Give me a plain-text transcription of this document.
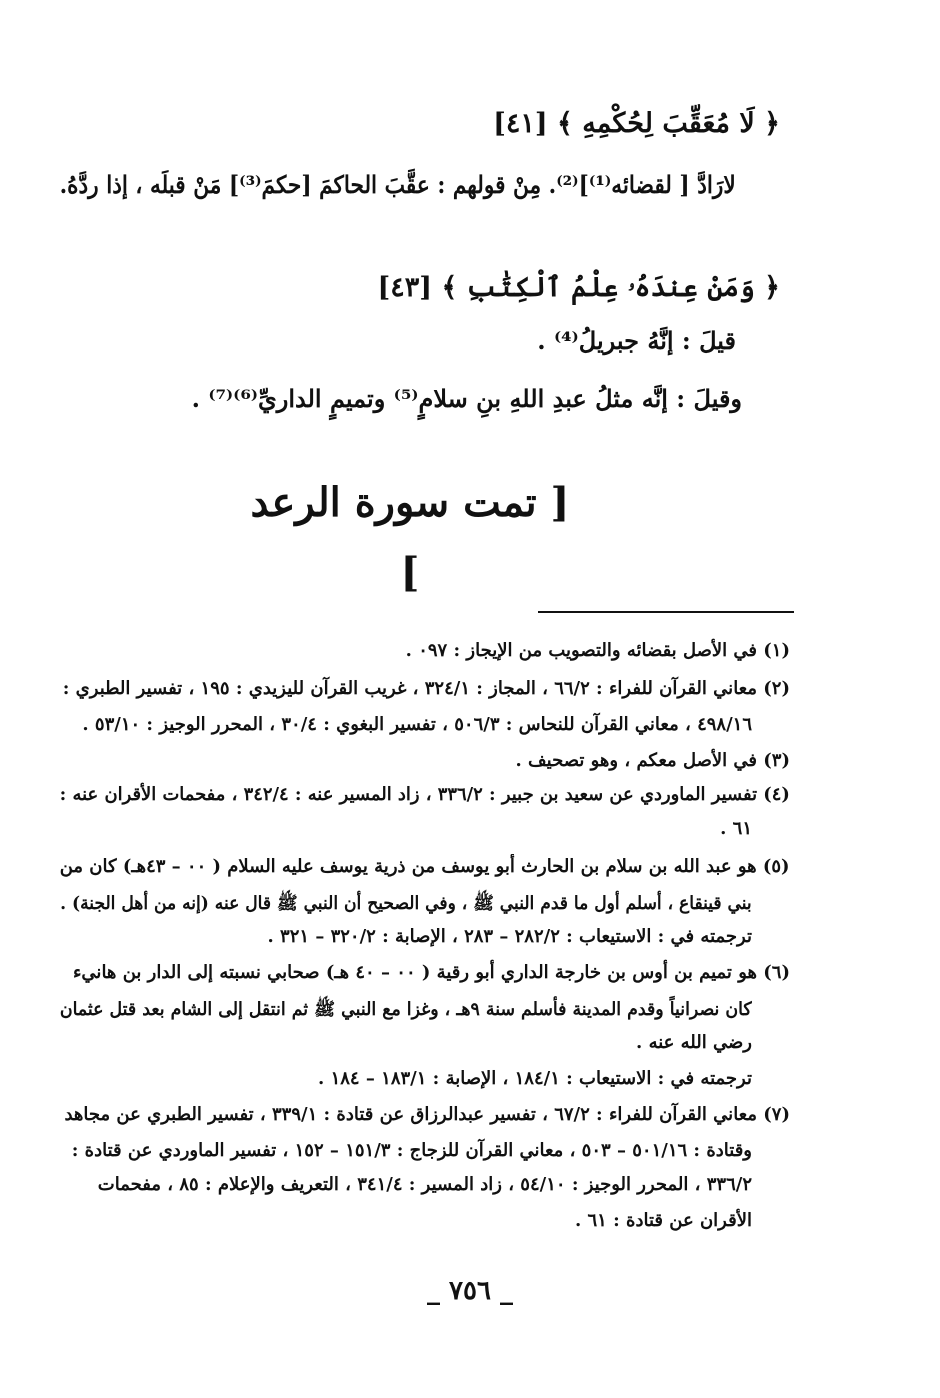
﴿ لَا مُعَقِّبَ لِحُكْمِهِ ﴾ [٤١]
لارَادَّ [ لقضائه⁽¹⁾]⁽²⁾. مِنْ قولهم : عقَّبَ الحاكمَ [حكمَ⁽³⁾] مَنْ قبلَه ، إذا ردَّهُ.
﴿ وَمَنْ عِندَهُۥ عِلْمُ ٱلْكِتَٰبِ ﴾ [٤٣]
قيلَ : إنَّهُ جبريلُ⁽⁴⁾ .
وقيلَ : إنَّه مثلُ عبدِ اللهِ بنِ سلامٍ⁽⁵⁾ وتميمٍ الداريِّ⁽⁶⁾⁽⁷⁾ .
[ تمت سورة الرعد ]
(١) في الأصل بقضائه والتصويب من الإيجاز : ٠٩٧ .
(٢) معاني القرآن للفراء : ٦٦/٢ ، المجاز : ٣٢٤/١ ، غريب القرآن لليزيدي : ١٩٥ ، تفسير الطبري :
٤٩٨/١٦ ، معاني القرآن للنحاس : ٥٠٦/٣ ، تفسير البغوي : ٣٠/٤ ، المحرر الوجيز : ٥٣/١٠ .
(٣) في الأصل معكم ، وهو تصحيف .
(٤) تفسير الماوردي عن سعيد بن جبير : ٣٣٦/٢ ، زاد المسير عنه : ٣٤٢/٤ ، مفحمات الأقران عنه :
٦١ .
(٥) هو عبد الله بن سلام بن الحارث أبو يوسف من ذرية يوسف عليه السلام ( ٠٠ – ٤٣هـ) كان من
بني قينقاع ، أسلم أول ما قدم النبي ﷺ ، وفي الصحيح أن النبي ﷺ قال عنه (إنه من أهل الجنة) .
ترجمته في : الاستيعاب : ٢٨٢/٢ – ٢٨٣ ، الإصابة : ٣٢٠/٢ – ٣٢١ .
(٦) هو تميم بن أوس بن خارجة الداري أبو رقية ( ٠٠ – ٤٠ هـ) صحابي نسبته إلى الدار بن هانيء
كان نصرانياً وقدم المدينة فأسلم سنة ٩هـ ، وغزا مع النبي ﷺ ثم انتقل إلى الشام بعد قتل عثمان
رضي الله عنه .
ترجمته في : الاستيعاب : ١٨٤/١ ، الإصابة : ١٨٣/١ – ١٨٤ .
(٧) معاني القرآن للفراء : ٦٧/٢ ، تفسير عبدالرزاق عن قتادة : ٣٣٩/١ ، تفسير الطبري عن مجاهد
وقتادة : ٥٠١/١٦ – ٥٠٣ ، معاني القرآن للزجاج : ١٥١/٣ – ١٥٢ ، تفسير الماوردي عن قتادة :
٣٣٦/٢ ، المحرر الوجيز : ٥٤/١٠ ، زاد المسير : ٣٤١/٤ ، التعريف والإعلام : ٨٥ ، مفحمات
الأقران عن قتادة : ٦١ .
_ ٧٥٦ _
